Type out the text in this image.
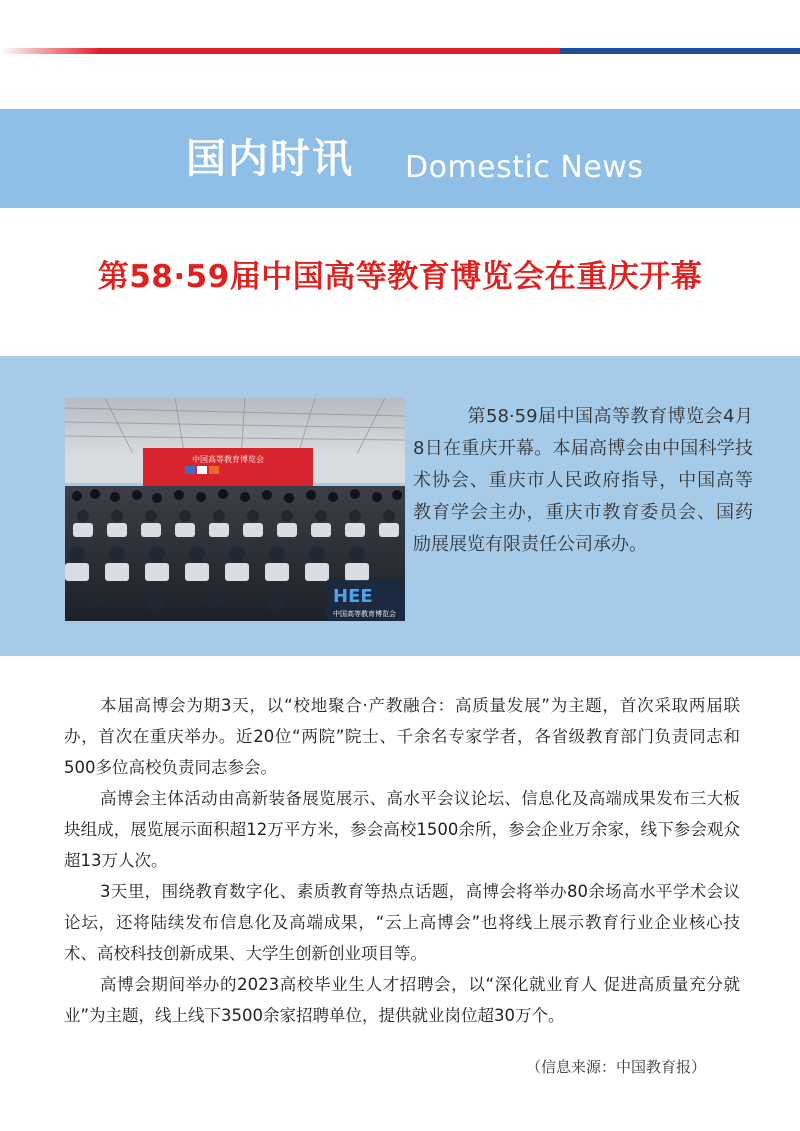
国内时讯 Domestic News
第58·59届中国高等教育博览会在重庆开幕
中国高等教育博览会
HEE
中国高等教育博览会

第58·59届中国高等教育博览会4月8日在重庆开幕。本届高博会由中国科学技术协会、重庆市人民政府指导，中国高等教育学会主办，重庆市教育委员会、国药励展展览有限责任公司承办。

本届高博会为期3天，以“校地聚合·产教融合：高质量发展”为主题，首次采取两届联办，首次在重庆举办。近20位“两院”院士、千余名专家学者，各省级教育部门负责同志和500多位高校负责同志参会。

高博会主体活动由高新装备展览展示、高水平会议论坛、信息化及高端成果发布三大板块组成，展览展示面积超12万平方米，参会高校1500余所，参会企业万余家，线下参会观众超13万人次。

3天里，围绕教育数字化、素质教育等热点话题，高博会将举办80余场高水平学术会议论坛，还将陆续发布信息化及高端成果，“云上高博会”也将线上展示教育行业企业核心技术、高校科技创新成果、大学生创新创业项目等。

高博会期间举办的2023高校毕业生人才招聘会，以“深化就业育人 促进高质量充分就业”为主题，线上线下3500余家招聘单位，提供就业岗位超30万个。

（信息来源：中国教育报）
